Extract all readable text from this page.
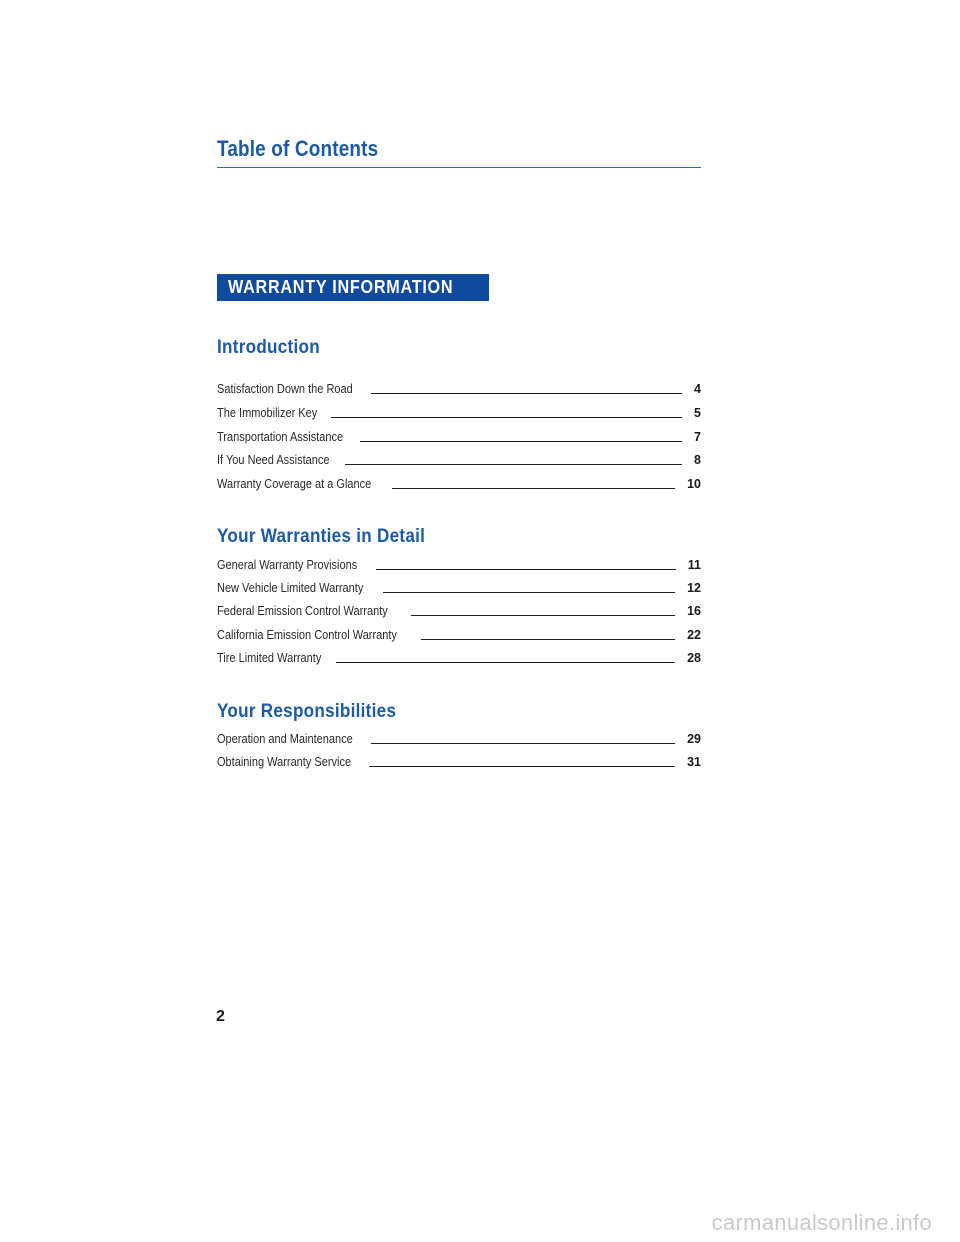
Table of Contents
WARRANTY INFORMATION
Introduction
Satisfaction Down the Road	4
The Immobilizer Key	5
Transportation Assistance	7
If You Need Assistance	8
Warranty Coverage at a Glance	10
Your Warranties in Detail
General Warranty Provisions	11
New Vehicle Limited Warranty	12
Federal Emission Control Warranty	16
California Emission Control Warranty	22
Tire Limited Warranty	28
Your Responsibilities
Operation and Maintenance	29
Obtaining Warranty Service	31

2

carmanualsonline.info
